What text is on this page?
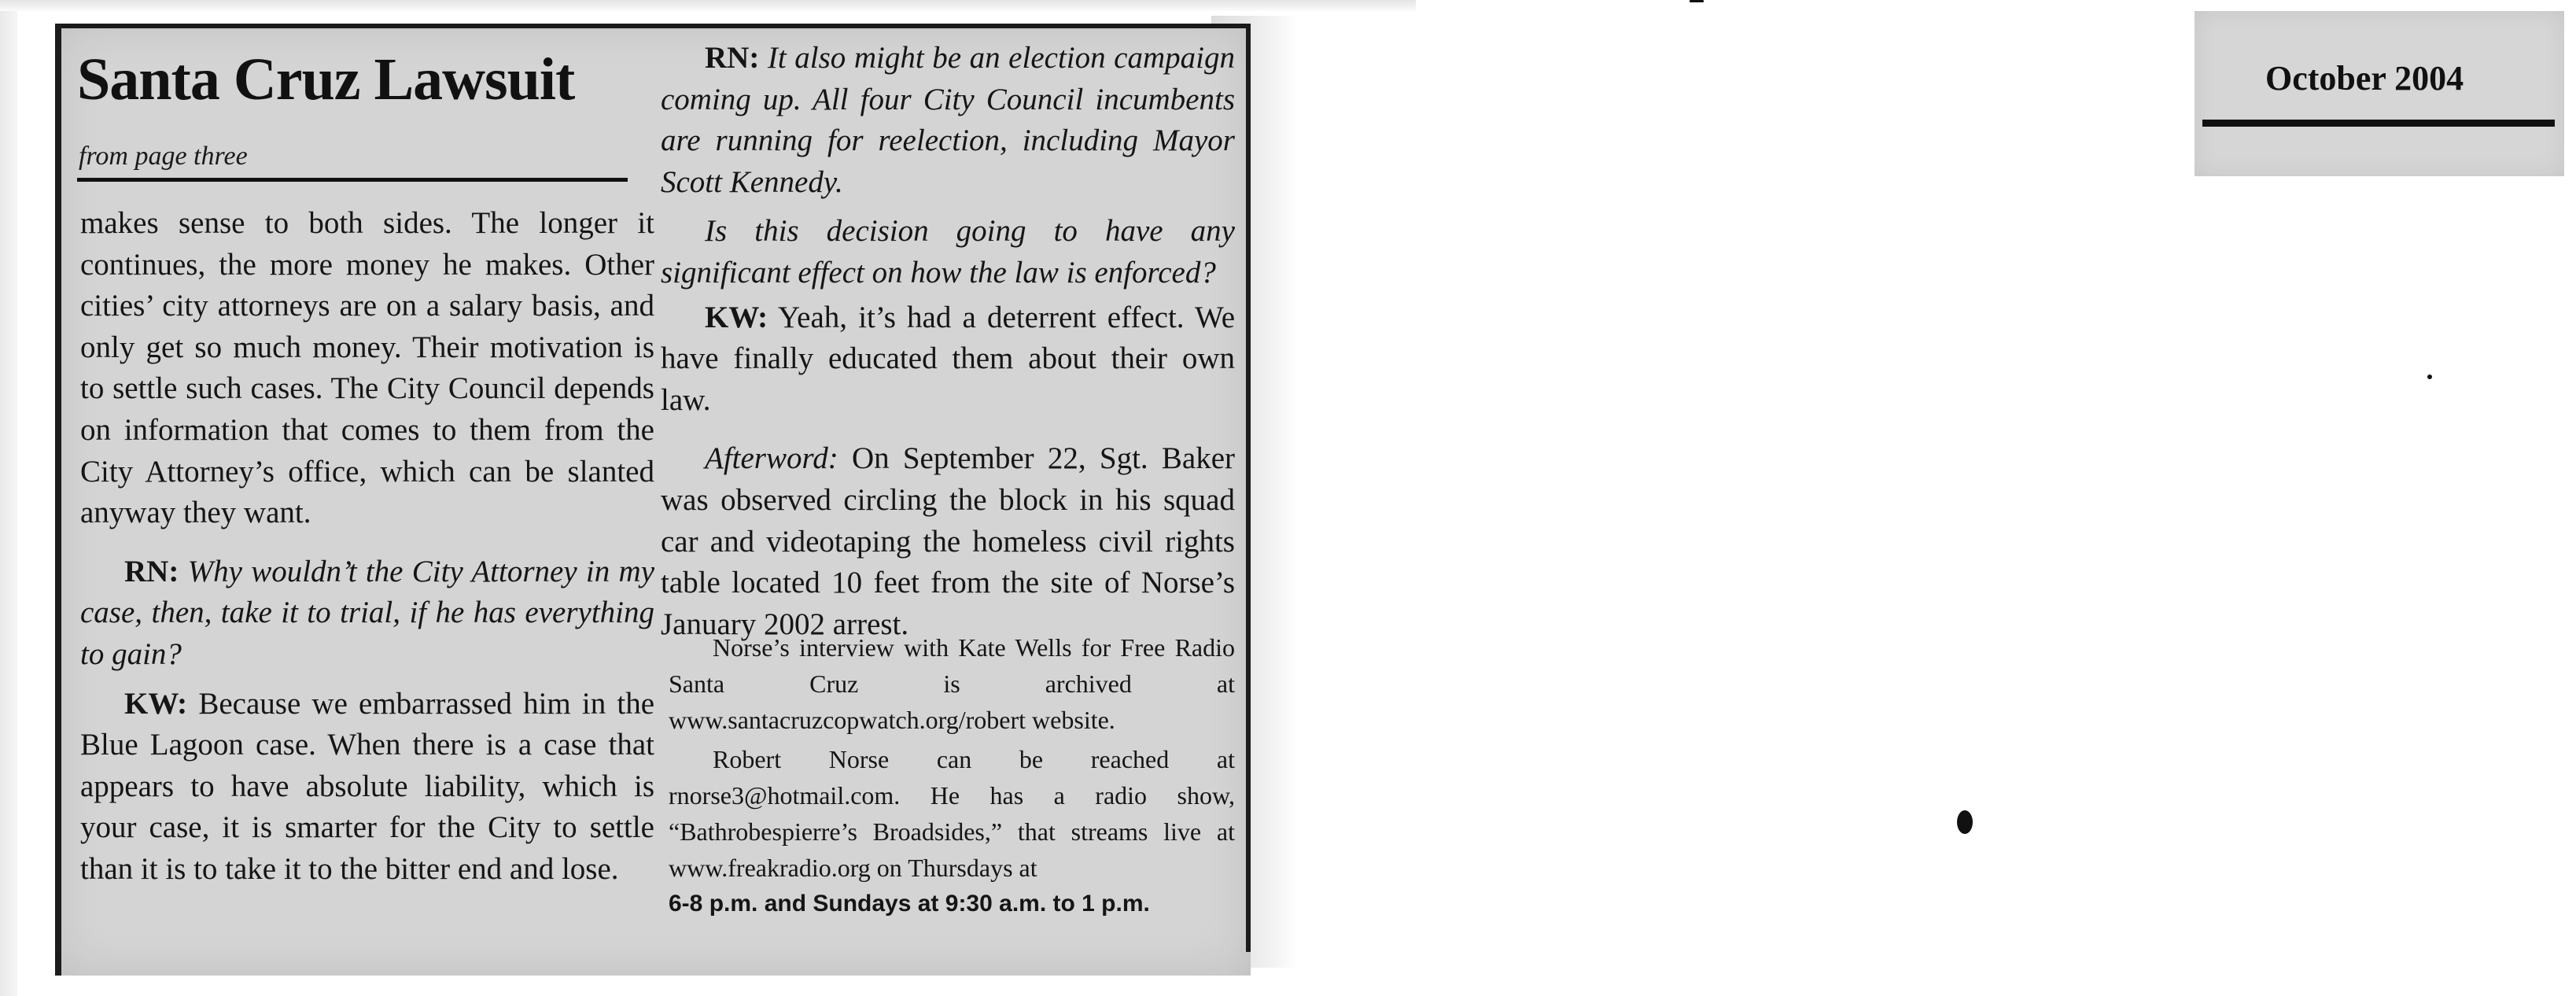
Santa Cruz Lawsuit
from page three

makes sense to both sides. The longer it continues, the more money he makes. Other cities’ city attorneys are on a salary basis, and only get so much money. Their motivation is to settle such cases. The City Council depends on information that comes to them from the City Attorney’s office, which can be slanted anyway they want.

RN: Why wouldn’t the City Attorney in my case, then, take it to trial, if he has everything to gain?

KW: Because we embarrassed him in the Blue Lagoon case. When there is a case that appears to have absolute liability, which is your case, it is smarter for the City to settle than it is to take it to the bitter end and lose.

RN: It also might be an election campaign coming up. All four City Council incumbents are running for reelection, including Mayor Scott Kennedy.

Is this decision going to have any significant effect on how the law is enforced?

KW: Yeah, it’s had a deterrent effect. We have finally educated them about their own law.

Afterword: On September 22, Sgt. Baker was observed circling the block in his squad car and videotaping the homeless civil rights table located 10 feet from the site of Norse’s January 2002 arrest.

Norse’s interview with Kate Wells for Free Radio Santa Cruz is archived at www.santacruzcopwatch.org/robert website.

Robert Norse can be reached at rnorse3@hotmail.com. He has a radio show, “Bathrobespierre’s Broadsides,” that streams live at www.freakradio.org on Thursdays at

6-8 p.m. and Sundays at 9:30 a.m. to 1 p.m.

October 2004
